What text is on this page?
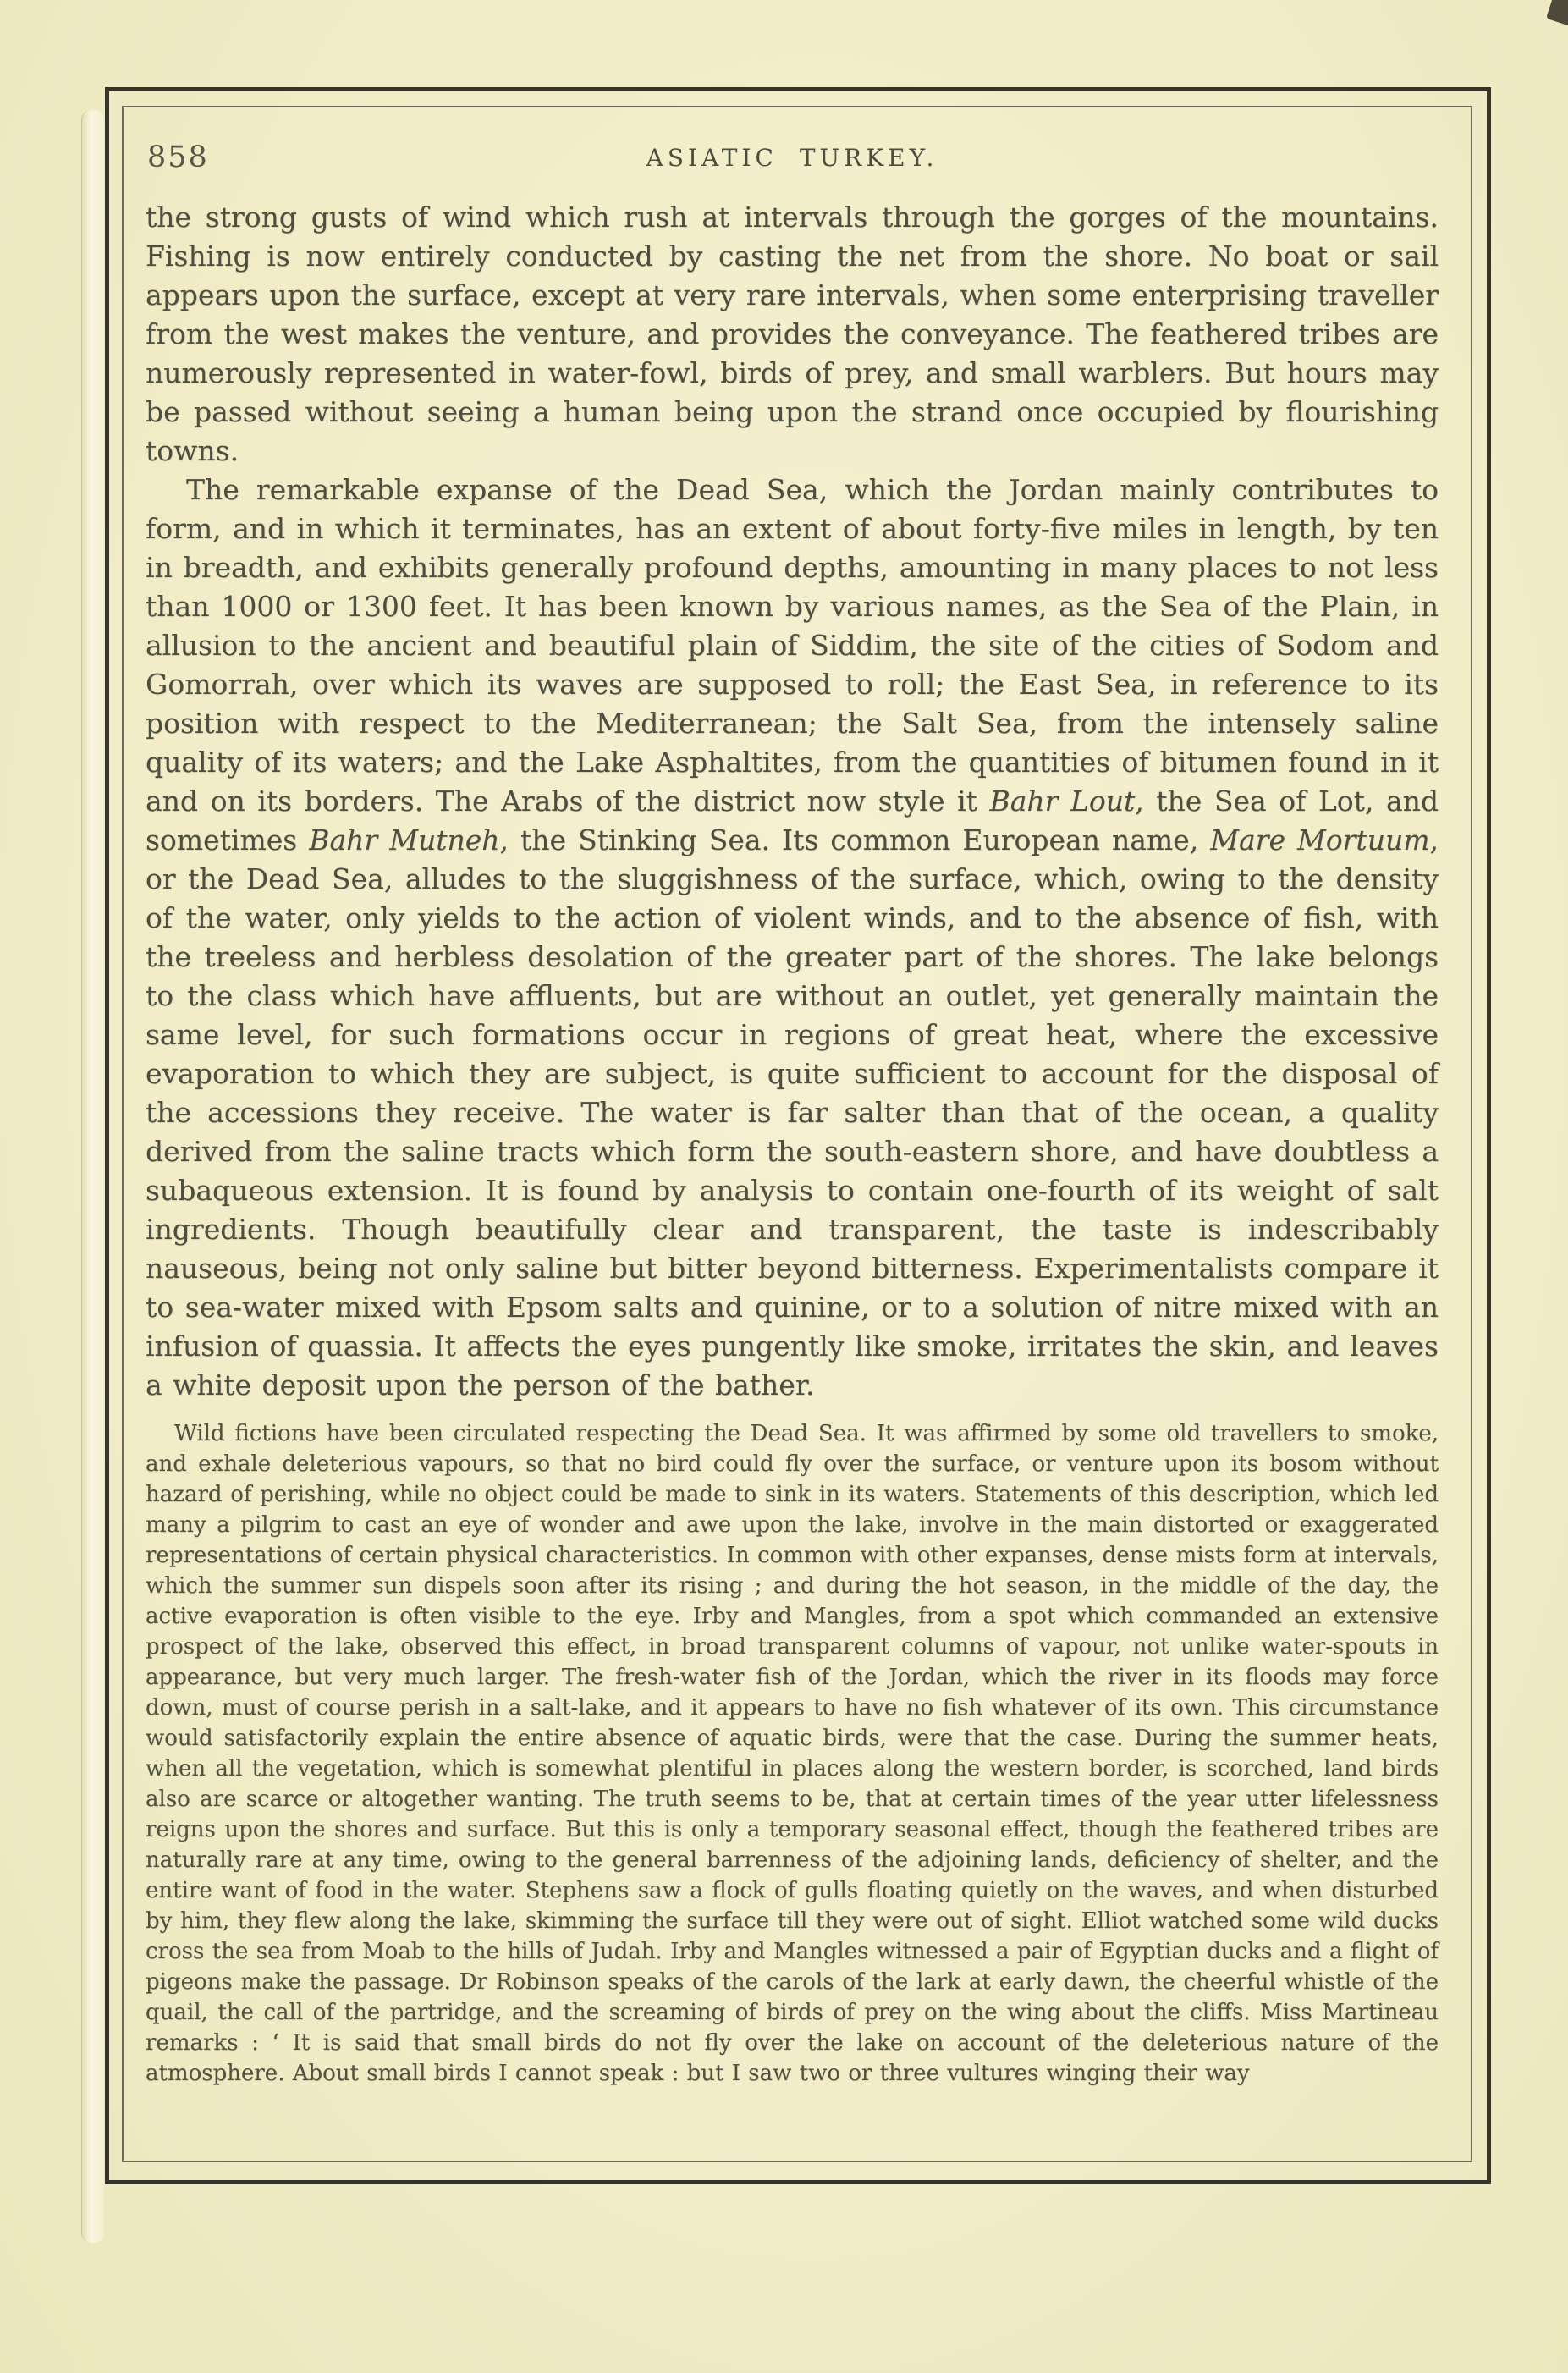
858	ASIATIC TURKEY.

the strong gusts of wind which rush at intervals through the gorges of the mountains. Fishing is now entirely conducted by casting the net from the shore. No boat or sail appears upon the surface, except at very rare intervals, when some enterprising traveller from the west makes the venture, and provides the conveyance. The feathered tribes are numerously represented in water-fowl, birds of prey, and small warblers. But hours may be passed without seeing a human being upon the strand once occupied by flourishing towns.

The remarkable expanse of the Dead Sea, which the Jordan mainly contributes to form, and in which it terminates, has an extent of about forty-five miles in length, by ten in breadth, and exhibits generally profound depths, amounting in many places to not less than 1000 or 1300 feet. It has been known by various names, as the Sea of the Plain, in allusion to the ancient and beautiful plain of Siddim, the site of the cities of Sodom and Gomorrah, over which its waves are supposed to roll; the East Sea, in reference to its position with respect to the Mediterranean; the Salt Sea, from the intensely saline quality of its waters; and the Lake Asphaltites, from the quantities of bitumen found in it and on its borders. The Arabs of the district now style it Bahr Lout, the Sea of Lot, and sometimes Bahr Mutneh, the Stinking Sea. Its common European name, Mare Mortuum, or the Dead Sea, alludes to the sluggishness of the surface, which, owing to the density of the water, only yields to the action of violent winds, and to the absence of fish, with the treeless and herbless desolation of the greater part of the shores. The lake belongs to the class which have affluents, but are without an outlet, yet generally maintain the same level, for such formations occur in regions of great heat, where the excessive evaporation to which they are subject, is quite sufficient to account for the disposal of the accessions they receive. The water is far salter than that of the ocean, a quality derived from the saline tracts which form the south-eastern shore, and have doubtless a subaqueous extension. It is found by analysis to contain one-fourth of its weight of salt ingredients. Though beautifully clear and transparent, the taste is indescribably nauseous, being not only saline but bitter beyond bitterness. Experimentalists compare it to sea-water mixed with Epsom salts and quinine, or to a solution of nitre mixed with an infusion of quassia. It affects the eyes pungently like smoke, irritates the skin, and leaves a white deposit upon the person of the bather.

Wild fictions have been circulated respecting the Dead Sea. It was affirmed by some old travellers to smoke, and exhale deleterious vapours, so that no bird could fly over the surface, or venture upon its bosom without hazard of perishing, while no object could be made to sink in its waters. Statements of this description, which led many a pilgrim to cast an eye of wonder and awe upon the lake, involve in the main distorted or exaggerated representations of certain physical characteristics. In common with other expanses, dense mists form at intervals, which the summer sun dispels soon after its rising ; and during the hot season, in the middle of the day, the active evaporation is often visible to the eye. Irby and Mangles, from a spot which commanded an extensive prospect of the lake, observed this effect, in broad transparent columns of vapour, not unlike water-spouts in appearance, but very much larger. The fresh-water fish of the Jordan, which the river in its floods may force down, must of course perish in a salt-lake, and it appears to have no fish whatever of its own. This circumstance would satisfactorily explain the entire absence of aquatic birds, were that the case. During the summer heats, when all the vegetation, which is somewhat plentiful in places along the western border, is scorched, land birds also are scarce or altogether wanting. The truth seems to be, that at certain times of the year utter lifelessness reigns upon the shores and surface. But this is only a temporary seasonal effect, though the feathered tribes are naturally rare at any time, owing to the general barrenness of the adjoining lands, deficiency of shelter, and the entire want of food in the water. Stephens saw a flock of gulls floating quietly on the waves, and when disturbed by him, they flew along the lake, skimming the surface till they were out of sight. Elliot watched some wild ducks cross the sea from Moab to the hills of Judah. Irby and Mangles witnessed a pair of Egyptian ducks and a flight of pigeons make the passage. Dr Robinson speaks of the carols of the lark at early dawn, the cheerful whistle of the quail, the call of the partridge, and the screaming of birds of prey on the wing about the cliffs. Miss Martineau remarks : ‘ It is said that small birds do not fly over the lake on account of the deleterious nature of the atmosphere. About small birds I cannot speak : but I saw two or three vultures winging their way
